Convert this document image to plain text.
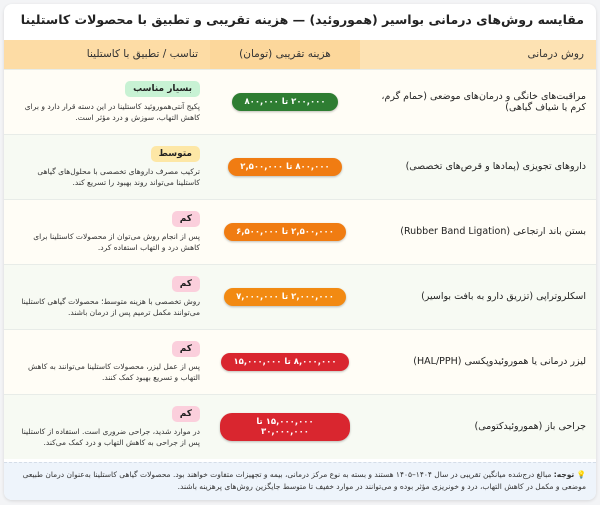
مقایسه روش‌های درمانی بواسیر (هموروئید) — هزینه تقریبی و تطبیق با محصولات کاستلینا
روش درمانی	هزینه تقریبی (تومان)	تناسب / تطبیق با کاستلینا
مراقبت‌های خانگی و درمان‌های موضعی (حمام گرم، کرم یا شیاف گیاهی)	۲۰۰,۰۰۰ تا ۸۰۰,۰۰۰	بسیار مناسب
پکیج آنتی‌هموروئید کاستلینا در این دسته قرار دارد و برای کاهش التهاب، سوزش و درد مؤثر است.

داروهای تجویزی (پمادها و قرص‌های تخصصی)	۸۰۰,۰۰۰ تا ۲,۵۰۰,۰۰۰	متوسط
ترکیب مصرف داروهای تخصصی با محلول‌های گیاهی کاستلینا می‌تواند روند بهبود را تسریع کند.

بستن باند ارتجاعی (Rubber Band Ligation)	۲,۵۰۰,۰۰۰ تا ۶,۵۰۰,۰۰۰	کم
پس از انجام روش می‌توان از محصولات کاستلینا برای کاهش درد و التهاب استفاده کرد.

اسکلروتراپی (تزریق دارو به بافت بواسیر)	۲,۰۰۰,۰۰۰ تا ۷,۰۰۰,۰۰۰	کم
روش تخصصی با هزینه متوسط؛ محصولات گیاهی کاستلینا می‌توانند مکمل ترمیم پس از درمان باشند.

لیزر درمانی یا هموروئیدوپکسی (HAL/PPH)	۸,۰۰۰,۰۰۰ تا ۱۵,۰۰۰,۰۰۰	کم
پس از عمل لیزر، محصولات کاستلینا می‌توانند به کاهش التهاب و تسریع بهبود کمک کنند.

جراحی باز (هموروئیدکتومی)	۱۵,۰۰۰,۰۰۰ تا ۳۰,۰۰۰,۰۰۰	کم
در موارد شدید، جراحی ضروری است. استفاده از کاستلینا پس از جراحی به کاهش التهاب و درد کمک می‌کند.
💡 توجه: مبالغ درج‌شده میانگین تقریبی در سال ۱۴۰۴–۱۴۰۵ هستند و بسته به نوع مرکز درمانی، بیمه و تجهیزات متفاوت خواهند بود. محصولات گیاهی کاستلینا به‌عنوان درمان طبیعی موضعی و مکمل در کاهش التهاب، درد و خونریزی مؤثر بوده و می‌توانند در موارد خفیف تا متوسط جایگزین روش‌های پرهزینه باشند.
